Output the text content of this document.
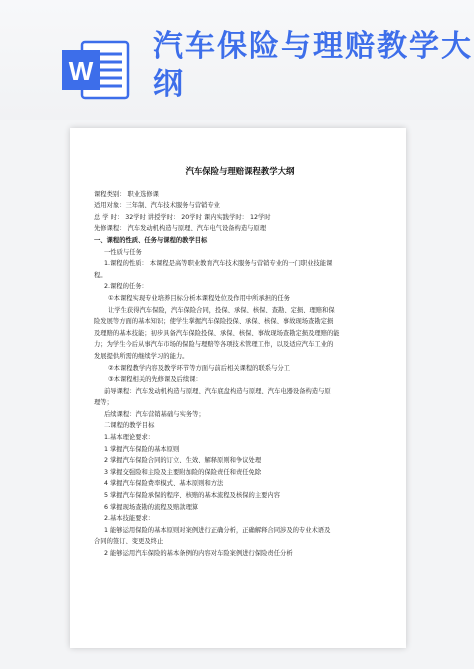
W
汽车保险与理赔教学大纲
汽车保险与理赔课程教学大纲
课程类别： 职业选修课
适用对象：三年制、汽车技术服务与营销专业
总 学 时： 32学时 讲授学时： 20学时 课内实践学时： 12学时
先修课程： 汽车发动机构造与原理、汽车电气设备构造与原理
一、课程的性质、任务与课程的教学目标
一性质与任务
1.课程的性质： 本课程是高等职业教育汽车技术服务与营销专业的一门职业技能课
程。
2.课程的任务：
①本课程实现专业培养目标分析本课程处位及作用中所承担的任务
让学生获得汽车保险，汽车保险合同，投保、承保、核保、查勘、定损、理赔和保
险发展等方面的基本知识；使学生掌握汽车保险投保、承保、核保、事故现场查勘定损
及理赔的基本技能；初步具备汽车保险投保、承保、核保、事故现场查勘定损及理赔的能
力；为学生今后从事汽车市场的保险与理赔等各项技术管理工作，以及适应汽车工业的
发展提供所需的继续学习的能力。
②本课程教学内容及教学环节等方面与前后相关课程的联系与分工
③本课程相关的先修课及后续课：
前导课程：汽车发动机构造与原理、汽车底盘构造与原理、汽车电器设备构造与原
理等；
后续课程：汽车营销基础与实务等；
二课程的教学目标
1.基本理论要求：
1 掌握汽车保险的基本原则
2 掌握汽车保险合同的订立、生效、解释原则和争议处理
3 掌握交强险和主险及主要附加险的保险责任和责任免除
4 掌握汽车保险费率模式、基本原则和方法
5 掌握汽车保险承保的程序、核赔的基本流程及核保的主要内容
6 掌握现场查勘的流程及赔款理算
2.基本技能要求：
1 能够运用保险的基本原则对案例进行正确分析，正确解释合同涉及的专业术语及
合同的签订、变更及终止
2 能够运用汽车保险的基本条例的内容对车险案例进行保险责任分析
